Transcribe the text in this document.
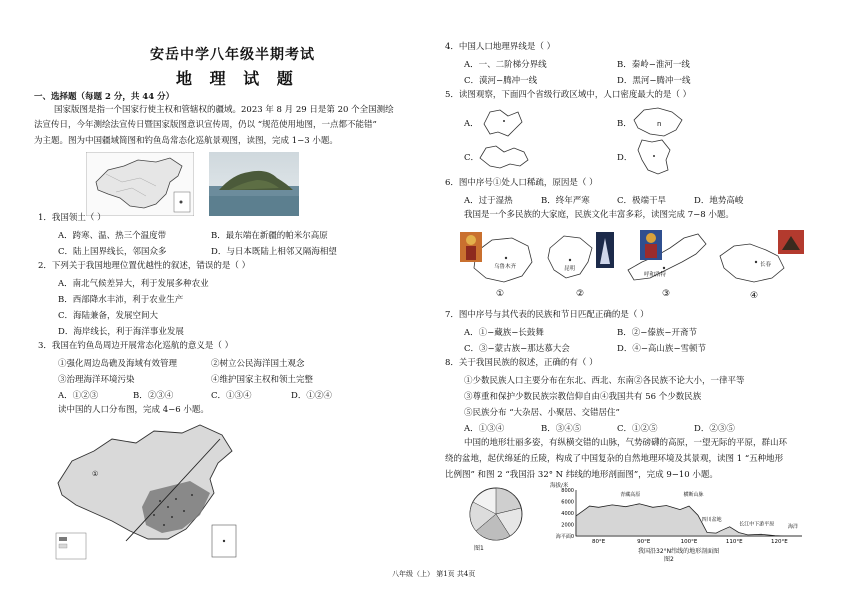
安岳中学八年级半期考试
地 理 试 题
一、选择题（每题 2 分，共 44 分）
国家版图是指一个国家行使主权和管辖权的疆域。2023 年 8 月 29 日是第 20 个全国测绘
法宣传日，今年测绘法宣传日暨国家版图意识宣传周，仍以 “规范使用地图，一点都不能错”
为主题。图为中国疆域简图和钓鱼岛常态化巡航景观图，读图，完成 1−3 小题。
1．我国领土（ ）
A．跨寒、温、热三个温度带	B．最东端在新疆的帕米尔高原
C．陆上国界线长，邻国众多	D．与日本既陆上相邻又隔海相望
2．下列关于我国地理位置优越性的叙述，错误的是（ ）
A．南北气候差异大，利于发展多种农业
B．西部降水丰沛，利于农业生产
C．海陆兼备，发展空间大
D．海岸线长，利于海洋事业发展
3．我国在钓鱼岛周边开展常态化巡航的意义是（ ）
①强化周边岛礁及海域有效管理	②树立公民海洋国土观念
③治理海洋环境污染	④维护国家主权和领土完整
A．①②③	B．②③④	C．①③④	D．①②④
读中国的人口分布图，完成 4−6 小题。
①
4．中国人口地理界线是（ ）
A．一、二阶梯分界线	B．秦岭−淮河一线
C．漠河−腾冲一线	D．黑河−腾冲一线
5．读图观察，下面四个省级行政区域中，人口密度最大的是（ ）
A．	B．	n
C．	D．
6．图中序号①处人口稀疏，原因是（ ）
A．过于湿热	B．终年严寒	C．极端干旱	D．地势高峻
我国是一个多民族的大家庭，民族文化丰富多彩，读图完成 7−8 小题。
乌鲁木齐
①
昆明
②
呼和浩特
③
长春
④
7．图中序号与其代表的民族和节日匹配正确的是（ ）
A．①−藏族−长鼓舞	B．②−傣族−开斋节
C．③−蒙古族−那达慕大会	D．④−高山族−雪顿节
8．关于我国民族的叙述，正确的有（ ）
①少数民族人口主要分布在东北、西北、东南②各民族不论大小，一律平等
③尊重和保护少数民族宗教信仰自由④我国共有 56 个少数民族
⑤民族分布 “大杂居、小聚居、交错居住”
A．①③④	B．③④⑤	C．①②⑤	D．②③⑤
中国的地形壮丽多姿，有纵横交错的山脉，气势磅礴的高原，一望无际的平原，群山环
绕的盆地，起伏绵延的丘陵，构成了中国复杂的自然地理环境及其景观，读图 1 “五种地形
比例图” 和图 2 “我国沿 32° N 纬线的地形剖面图”，完成 9−10 小题。
图1
海拔/米
8000
6000
4000
2000
海平面0
80°E	90°E	100°E	110°E	120°E
青藏高原	横断山脉
四川盆地
长江中下游平原	海洋
我国沿32°N纬线的地形剖面图
图2
八年级（上） 第1页 共4页
